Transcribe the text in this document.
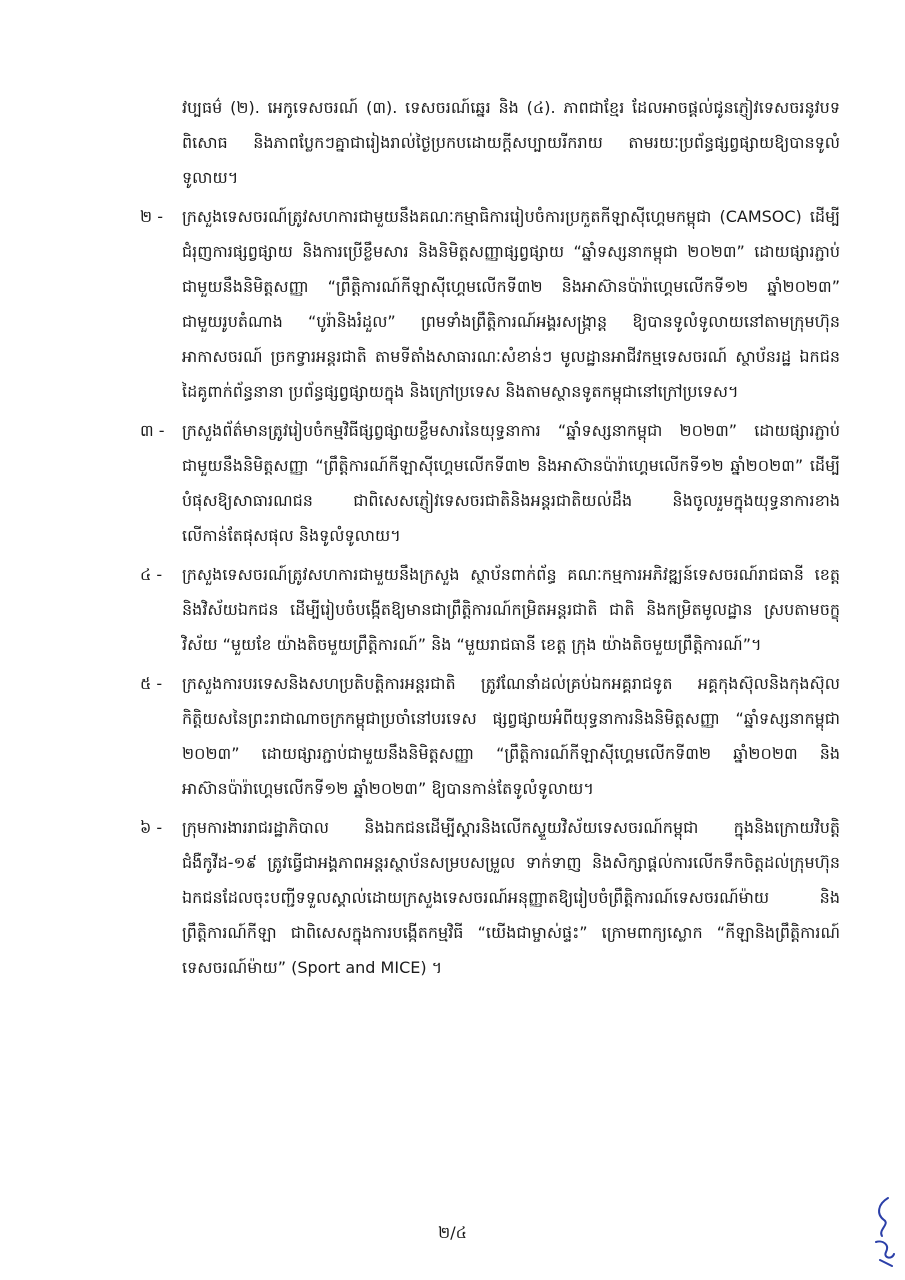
វប្បធម៌ (២). អេកូទេសចរណ៍ (៣). ទេសចរណ៍ឆ្នេរ និង (៤). ភាពជាខ្មែរ ដែលអាចផ្តល់ជូនភ្ញៀវទេសចរនូវបទពិសោធ និងភាពប្លែកៗគ្នាជារៀងរាល់ថ្ងៃប្រកបដោយក្តីសប្បាយរីករាយ តាមរយៈប្រព័ន្ធផ្សព្វផ្សាយឱ្យបានទូលំទូលាយ។
២ -	ក្រសួងទេសចរណ៍ត្រូវសហការជាមួយនឹងគណៈកម្មាធិការរៀបចំការប្រកួតកីឡាស៊ីហ្គេមកម្ពុជា (CAMSOC) ដើម្បីជំរុញការផ្សព្វផ្សាយ និងការប្រើខ្លឹមសារ និងនិមិត្តសញ្ញាផ្សព្វផ្សាយ “ឆ្នាំទស្សនាកម្ពុជា ២០២៣” ដោយផ្សារភ្ជាប់ជាមួយនឹងនិមិត្តសញ្ញា “ព្រឹត្តិការណ៍កីឡាស៊ីហ្គេមលើកទី៣២ និងអាស៊ានប៉ារ៉ាហ្គេមលើកទី១២ ឆ្នាំ២០២៣” ជាមួយរូបតំណាង “បូរ៉ានិងរំដួល” ព្រមទាំងព្រឹត្តិការណ៍អង្គរសង្ក្រាន្ត ឱ្យបានទូលំទូលាយនៅតាមក្រុមហ៊ុនអាកាសចរណ៍ ច្រកទ្វារអន្តរជាតិ តាមទីតាំងសាធារណៈសំខាន់ៗ មូលដ្ឋានអាជីវកម្មទេសចរណ៍ ស្ថាប័នរដ្ឋ ឯកជន ដៃគូពាក់ព័ន្ធនានា ប្រព័ន្ធផ្សព្វផ្សាយក្នុង និងក្រៅប្រទេស និងតាមស្ថានទូតកម្ពុជានៅក្រៅប្រទេស។
៣ -	ក្រសួងព័ត៌មានត្រូវរៀបចំកម្មវិធីផ្សព្វផ្សាយខ្លឹមសារនៃយុទ្ធនាការ “ឆ្នាំទស្សនាកម្ពុជា ២០២៣” ដោយផ្សារភ្ជាប់ជាមួយនឹងនិមិត្តសញ្ញា “ព្រឹត្តិការណ៍កីឡាស៊ីហ្គេមលើកទី៣២ និងអាស៊ានប៉ារ៉ាហ្គេមលើកទី១២ ឆ្នាំ២០២៣” ដើម្បីបំផុសឱ្យសាធារណជន ជាពិសេសភ្ញៀវទេសចរជាតិនិងអន្តរជាតិយល់ដឹង និងចូលរួមក្នុងយុទ្ធនាការខាងលើកាន់តែផុសផុល និងទូលំទូលាយ។
៤ -	ក្រសួងទេសចរណ៍ត្រូវសហការជាមួយនឹងក្រសួង ស្ថាប័នពាក់ព័ន្ធ គណៈកម្មការអភិវឌ្ឍន៍ទេសចរណ៍រាជធានី ខេត្ត និងវិស័យឯកជន ដើម្បីរៀបចំបង្កើតឱ្យមានជាព្រឹត្តិការណ៍កម្រិតអន្តរជាតិ ជាតិ និងកម្រិតមូលដ្ឋាន ស្របតាមចក្ខុវិស័យ “មួយខែ យ៉ាងតិចមួយព្រឹត្តិការណ៍” និង “មួយរាជធានី ខេត្ត ក្រុង យ៉ាងតិចមួយព្រឹត្តិការណ៍”។
៥ -	ក្រសួងការបរទេសនិងសហប្រតិបត្តិការអន្តរជាតិ ត្រូវណែនាំដល់គ្រប់ឯកអគ្គរាជទូត អគ្គកុងស៊ុលនិងកុងស៊ុលកិត្តិយសនៃព្រះរាជាណាចក្រកម្ពុជាប្រចាំនៅបរទេស ផ្សព្វផ្សាយអំពីយុទ្ធនាការនិងនិមិត្តសញ្ញា “ឆ្នាំទស្សនាកម្ពុជា ២០២៣” ដោយផ្សារភ្ជាប់ជាមួយនឹងនិមិត្តសញ្ញា “ព្រឹត្តិការណ៍កីឡាស៊ីហ្គេមលើកទី៣២ ឆ្នាំ២០២៣ និងអាស៊ានប៉ារ៉ាហ្គេមលើកទី១២ ឆ្នាំ២០២៣” ឱ្យបានកាន់តែទូលំទូលាយ។
៦ -	ក្រុមការងាររាជរដ្ឋាភិបាល និងឯកជនដើម្បីស្តារនិងលើកស្ទួយវិស័យទេសចរណ៍កម្ពុជា ក្នុងនិងក្រោយវិបត្តិជំងឺកូវីដ-១៩ ត្រូវធ្វើជាអង្គភាពអន្តរស្ថាប័នសម្របសម្រួល ទាក់ទាញ និងសិក្សាផ្តល់ការលើកទឹកចិត្តដល់ក្រុមហ៊ុនឯកជនដែលចុះបញ្ជីទទួលស្គាល់ដោយក្រសួងទេសចរណ៍អនុញ្ញាតឱ្យរៀបចំព្រឹត្តិការណ៍ទេសចរណ៍ម៉ាយ និងព្រឹត្តិការណ៍កីឡា ជាពិសេសក្នុងការបង្កើតកម្មវិធី “យើងជាម្ចាស់ផ្ទះ” ក្រោមពាក្យស្លោក “កីឡានិងព្រឹត្តិការណ៍ទេសចរណ៍ម៉ាយ” (Sport and MICE) ។
២/៤
